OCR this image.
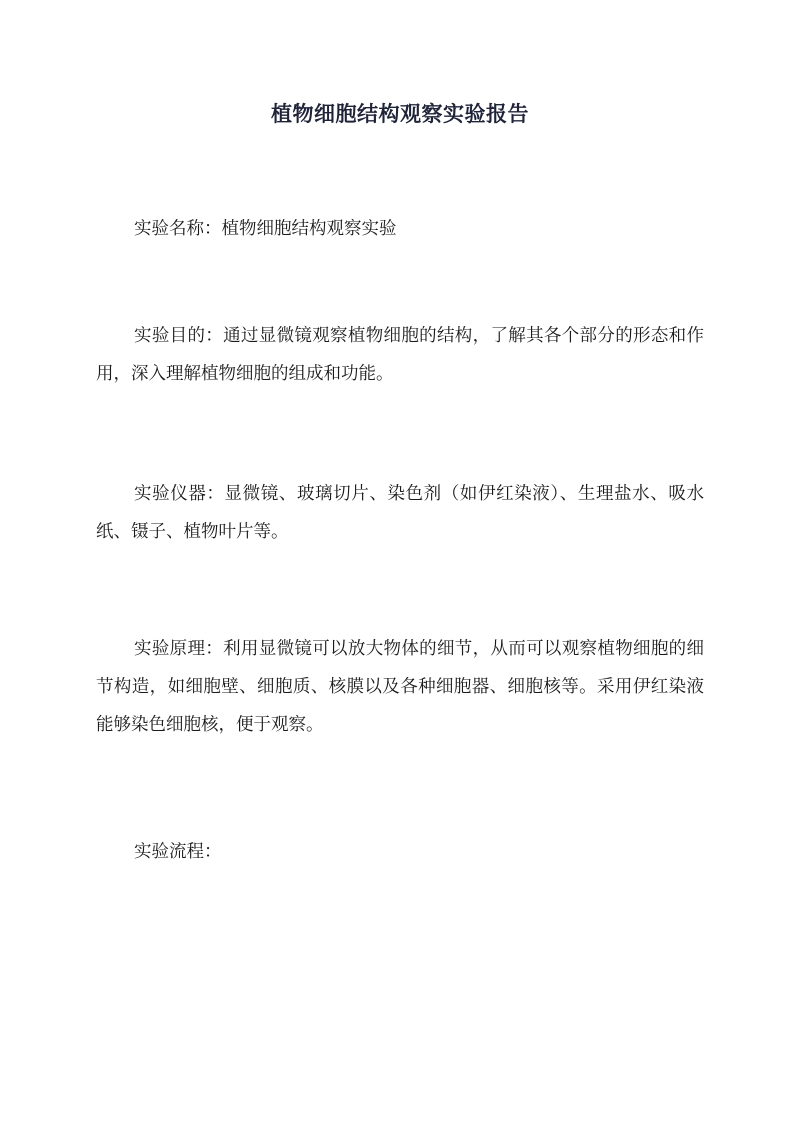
植物细胞结构观察实验报告

实验名称：植物细胞结构观察实验

实验目的：通过显微镜观察植物细胞的结构，了解其各个部分的形态和作用，深入理解植物细胞的组成和功能。

实验仪器：显微镜、玻璃切片、染色剂（如伊红染液）、生理盐水、吸水纸、镊子、植物叶片等。

实验原理：利用显微镜可以放大物体的细节，从而可以观察植物细胞的细节构造，如细胞壁、细胞质、核膜以及各种细胞器、细胞核等。采用伊红染液能够染色细胞核，便于观察。

实验流程：
